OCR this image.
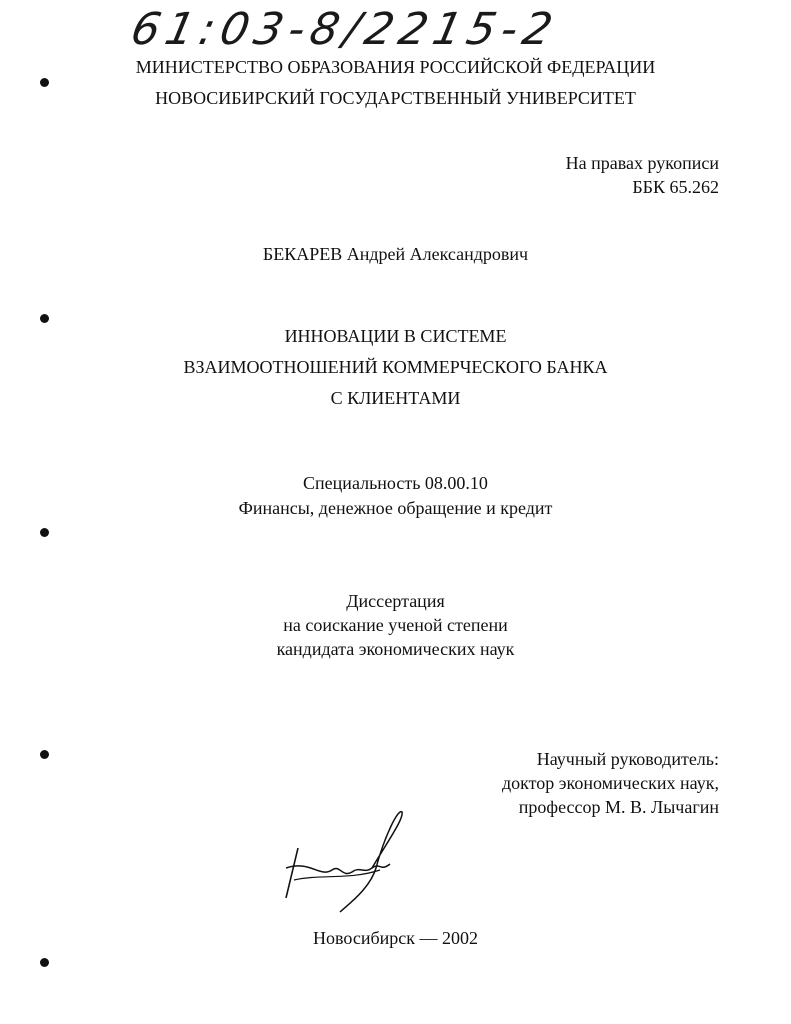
61:03-8/2215-2
МИНИСТЕРСТВО ОБРАЗОВАНИЯ РОССИЙСКОЙ ФЕДЕРАЦИИ
НОВОСИБИРСКИЙ ГОСУДАРСТВЕННЫЙ УНИВЕРСИТЕТ
На правах рукописи
ББК 65.262
БЕКАРЕВ Андрей Александрович
ИННОВАЦИИ В СИСТЕМЕ
ВЗАИМООТНОШЕНИЙ КОММЕРЧЕСКОГО БАНКА
С КЛИЕНТАМИ
Специальность 08.00.10
Финансы, денежное обращение и кредит
Диссертация
на соискание ученой степени
кандидата экономических наук
Научный руководитель:
доктор экономических наук,
профессор М. В. Лычагин
Новосибирск — 2002
